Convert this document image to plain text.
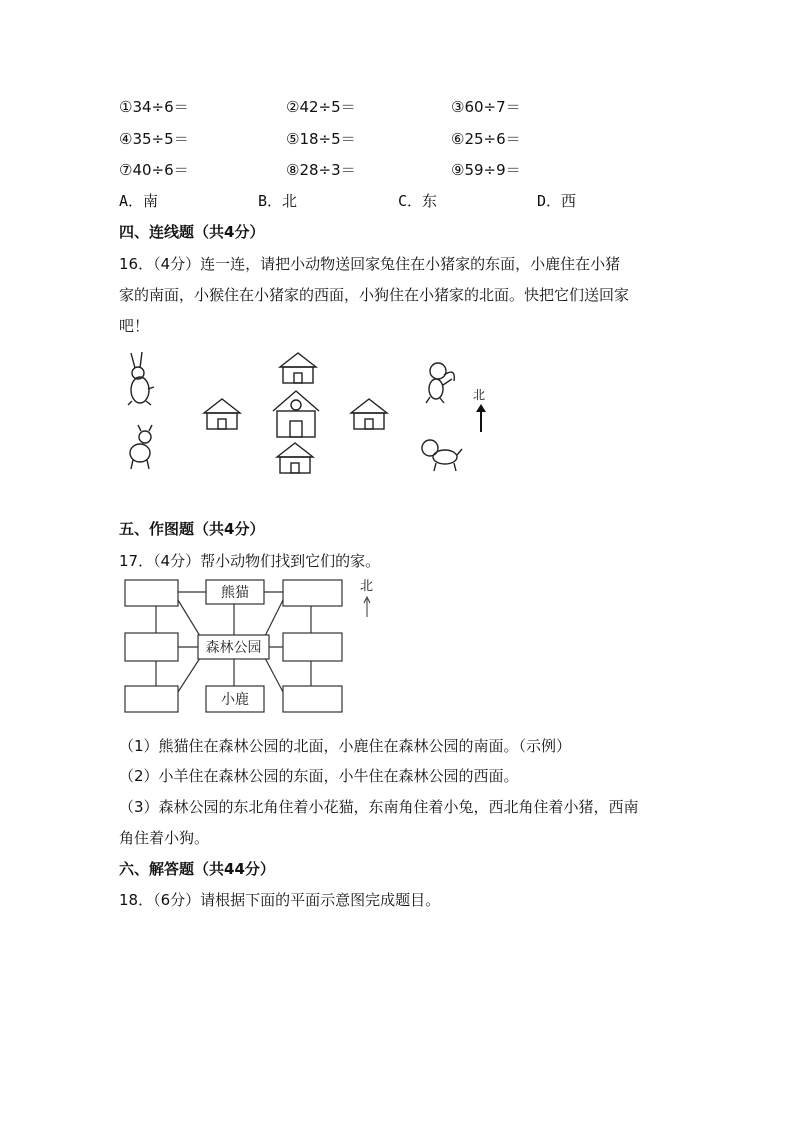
①34÷6＝	②42÷5＝	③60÷7＝
④35÷5＝	⑤18÷5＝	⑥25÷6＝
⑦40÷6＝	⑧28÷3＝	⑨59÷9＝
A．南	B．北	C．东	D．西
四、连线题（共4分）
16．（4分）连一连，请把小动物送回家兔住在小猪家的东面，小鹿住在小猪
家的南面，小猴住在小猪家的西面，小狗住在小猪家的北面。快把它们送回家
吧！
北
五、作图题（共4分）
17．（4分）帮小动物们找到它们的家。
熊猫
森林公园
小鹿
北
（1）熊猫住在森林公园的北面，小鹿住在森林公园的南面。（示例）
（2）小羊住在森林公园的东面，小牛住在森林公园的西面。
（3）森林公园的东北角住着小花猫，东南角住着小兔，西北角住着小猪，西南
角住着小狗。
六、解答题（共44分）
18．（6分）请根据下面的平面示意图完成题目。
